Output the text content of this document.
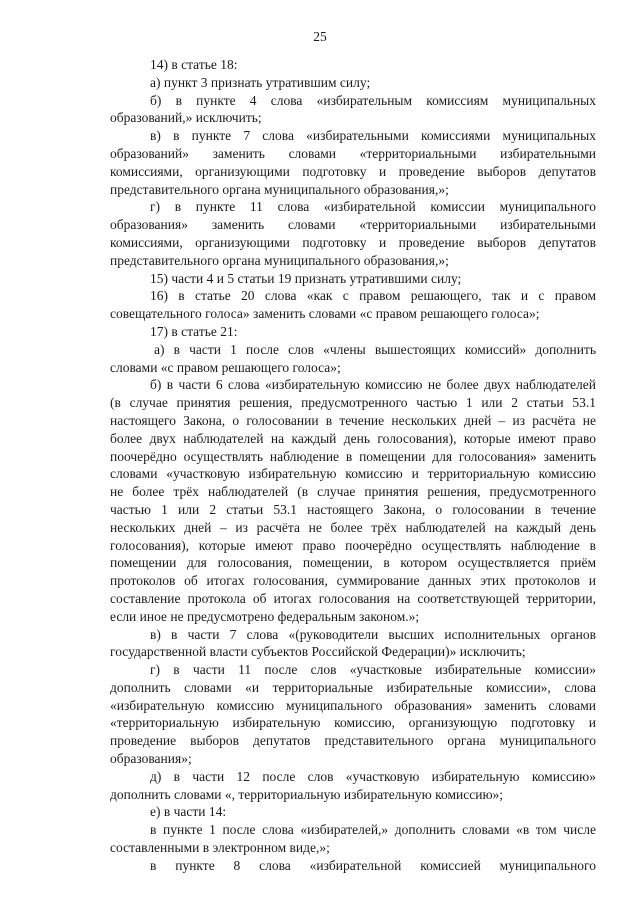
25
14) в статье 18:
а) пункт 3 признать утратившим силу;
б) в пункте 4 слова «избирательным комиссиям муниципальных
образований,» исключить;
в) в пункте 7 слова «избирательными комиссиями муниципальных
образований» заменить словами «территориальными избирательными
комиссиями, организующими подготовку и проведение выборов депутатов
представительного органа муниципального образования,»;
г) в пункте 11 слова «избирательной комиссии муниципального
образования» заменить словами «территориальными избирательными
комиссиями, организующими подготовку и проведение выборов депутатов
представительного органа муниципального образования,»;
15) части 4 и 5 статьи 19 признать утратившими силу;
16) в статье 20 слова «как с правом решающего, так и с правом
совещательного голоса» заменить словами «с правом решающего голоса»;
17) в статье 21:
а) в части 1 после слов «члены вышестоящих комиссий» дополнить
словами «с правом решающего голоса»;
б) в части 6 слова «избирательную комиссию не более двух наблюдателей
(в случае принятия решения, предусмотренного частью 1 или 2 статьи 53.1
настоящего Закона, о голосовании в течение нескольких дней – из расчёта не
более двух наблюдателей на каждый день голосования), которые имеют право
поочерёдно осуществлять наблюдение в помещении для голосования» заменить
словами «участковую избирательную комиссию и территориальную комиссию
не более трёх наблюдателей (в случае принятия решения, предусмотренного
частью 1 или 2 статьи 53.1 настоящего Закона, о голосовании в течение
нескольких дней – из расчёта не более трёх наблюдателей на каждый день
голосования), которые имеют право поочерёдно осуществлять наблюдение в
помещении для голосования, помещении, в котором осуществляется приём
протоколов об итогах голосования, суммирование данных этих протоколов и
составление протокола об итогах голосования на соответствующей территории,
если иное не предусмотрено федеральным законом.»;
в) в части 7 слова «(руководители высших исполнительных органов
государственной власти субъектов Российской Федерации)» исключить;
г) в части 11 после слов «участковые избирательные комиссии»
дополнить словами «и территориальные избирательные комиссии», слова
«избирательную комиссию муниципального образования» заменить словами
«территориальную избирательную комиссию, организующую подготовку и
проведение выборов депутатов представительного органа муниципального
образования»;
д) в части 12 после слов «участковую избирательную комиссию»
дополнить словами «, территориальную избирательную комиссию»;
е) в части 14:
в пункте 1 после слова «избирателей,» дополнить словами «в том числе
составленными в электронном виде,»;
в пункте 8 слова «избирательной комиссией муниципального
